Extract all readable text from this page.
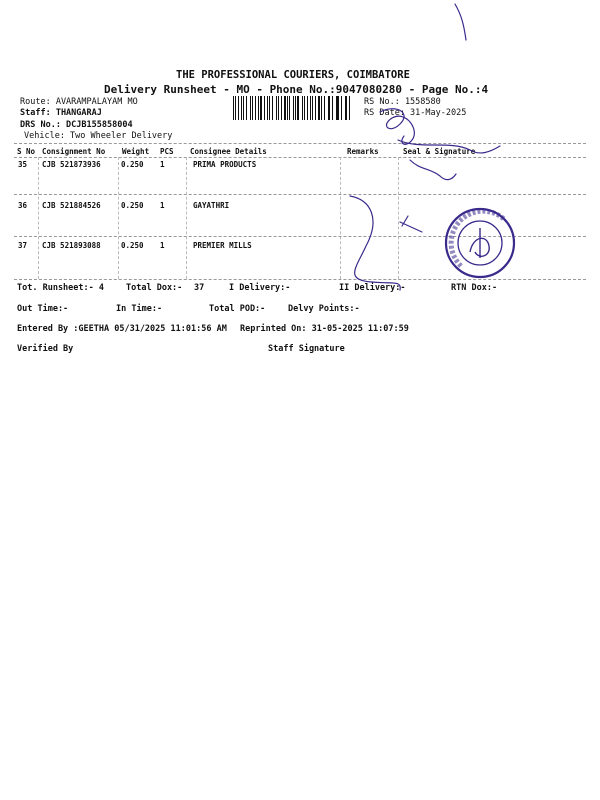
THE PROFESSIONAL COURIERS, COIMBATORE
Delivery Runsheet - MO - Phone No.:9047080280 - Page No.:4
Route: AVARAMPALAYAM MO
Staff: THANGARAJ
DRS No.: DCJB155858004
Vehicle: Two Wheeler Delivery
RS No.: 1558580
RS Date: 31-May-2025
S No Consignment No Weight PCS Consignee Details	Remarks	Seal & Signature
35 CJB 521873936	0.250 1	PRIMA PRODUCTS
36 CJB 521884526	0.250 1	GAYATHRI
37 CJB 521893088	0.250 1	PREMIER MILLS
Tot. Runsheet:- 4	Total Dox:- 37	I Delivery:-	II Delivery:-	RTN Dox:-
Out Time:-	In Time:-	Total POD:-	Delvy Points:-
Entered By :GEETHA 05/31/2025 11:01:56 AM Reprinted On: 31-05-2025 11:07:59
Verified By	Staff Signature
